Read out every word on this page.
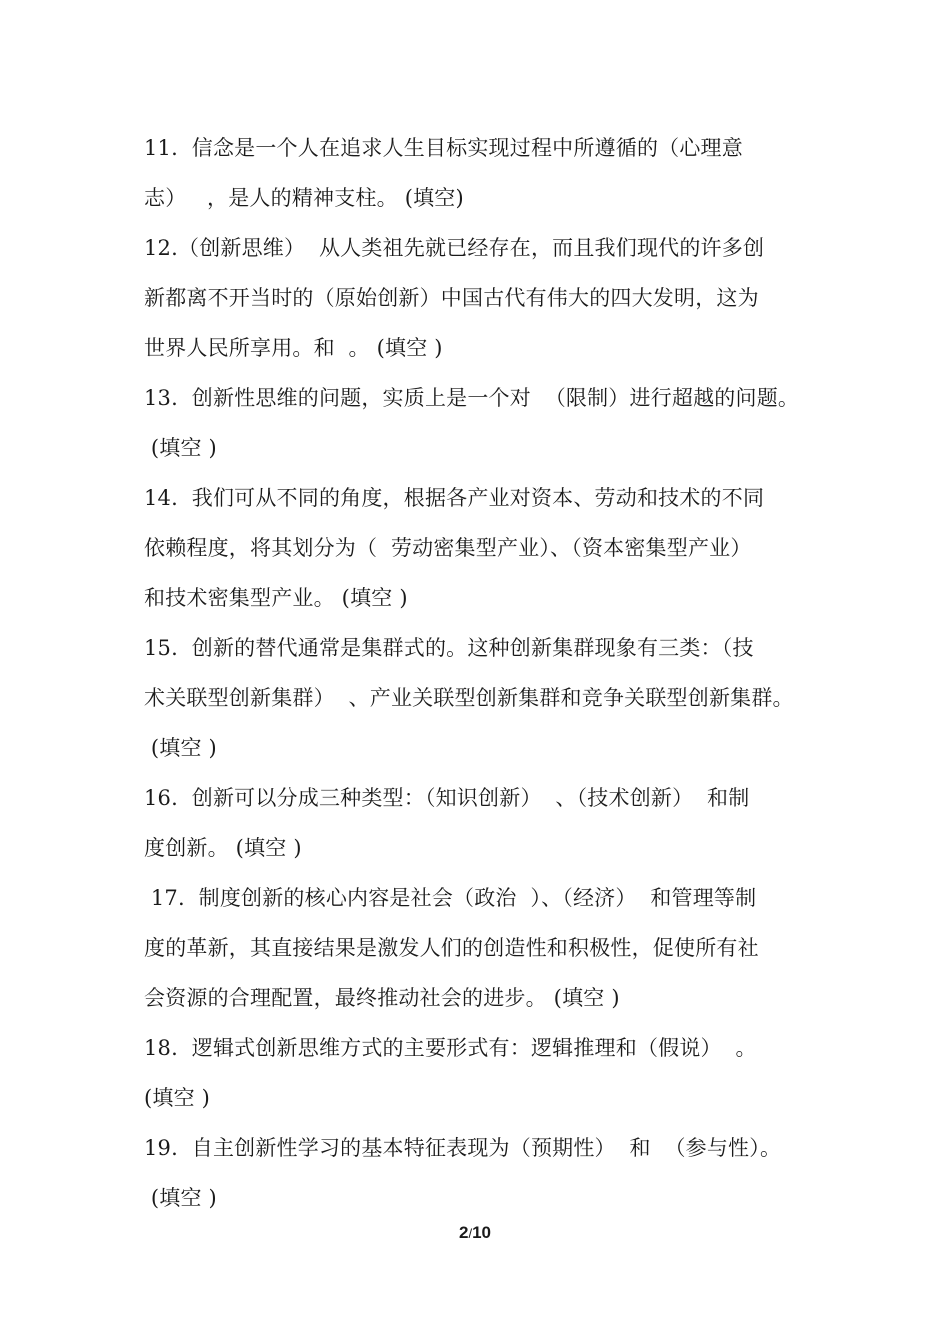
11.  信念是一个人在追求人生目标实现过程中所遵循的（心理意
志）   ，是人的精神支柱。 (填空)
12.（创新思维）  从人类祖先就已经存在，而且我们现代的许多创
新都离不开当时的（原始创新）中国古代有伟大的四大发明，这为
世界人民所享用。和  。 (填空 )
13.  创新性思维的问题，实质上是一个对  （限制）进行超越的问题。
(填空 )
14.  我们可从不同的角度，根据各产业对资本、劳动和技术的不同
依赖程度，将其划分为（  劳动密集型产业）、（资本密集型产业）
和技术密集型产业。 (填空 )
15.  创新的替代通常是集群式的。这种创新集群现象有三类：（技
术关联型创新集群）  、产业关联型创新集群和竞争关联型创新集群。
(填空 )
16.  创新可以分成三种类型：（知识创新）  、（技术创新）  和制
度创新。 (填空 )
17.  制度创新的核心内容是社会（政治  ）、（经济）  和管理等制
度的革新，其直接结果是激发人们的创造性和积极性，促使所有社
会资源的合理配置，最终推动社会的进步。 (填空 )
18.  逻辑式创新思维方式的主要形式有：逻辑推理和（假说）  。
(填空 )
19.  自主创新性学习的基本特征表现为（预期性）  和  （参与性）。
(填空 )
2/10
